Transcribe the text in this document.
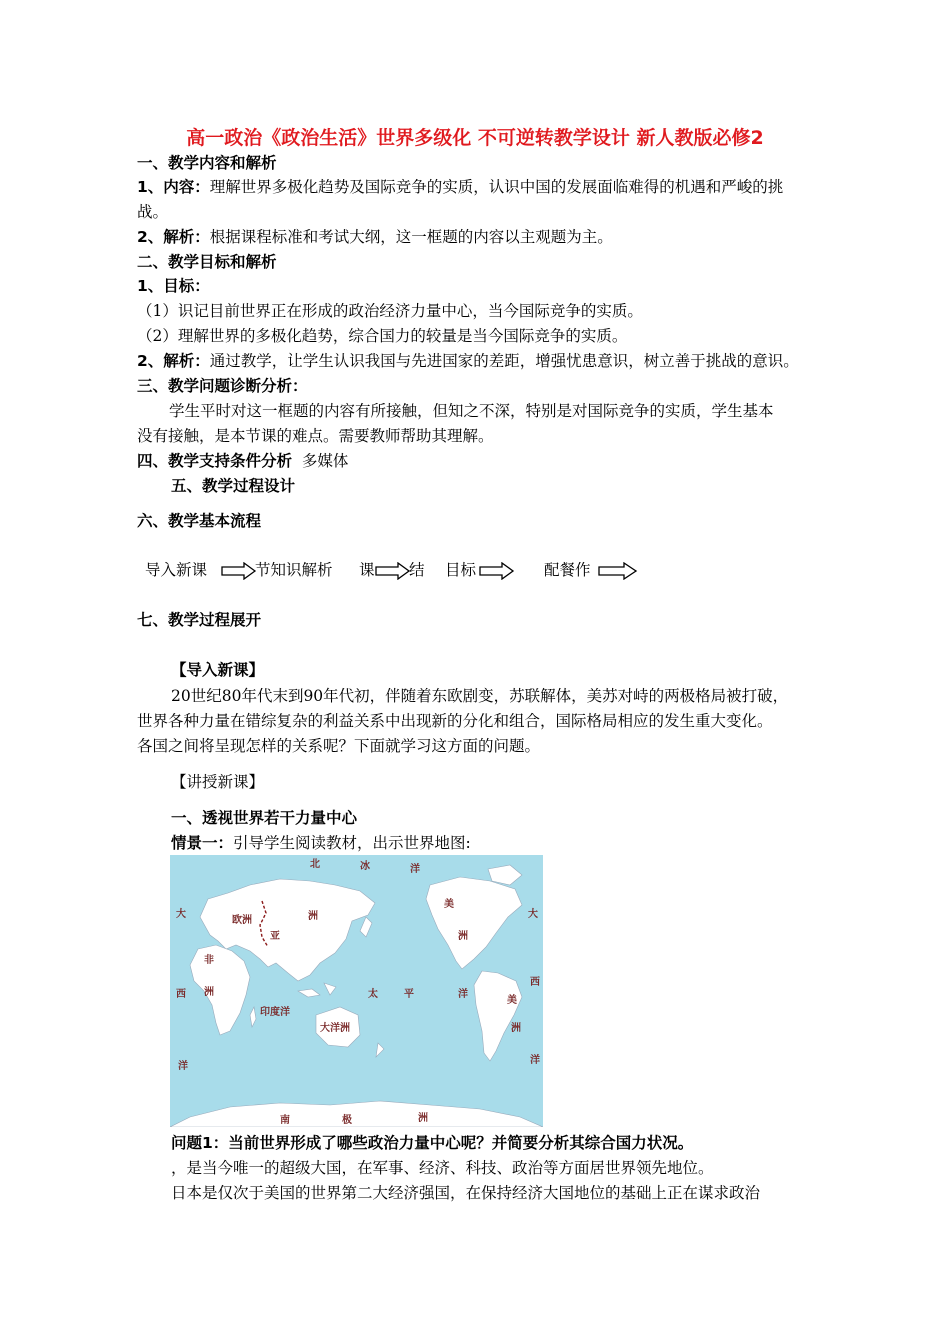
高一政治《政治生活》世界多级化 不可逆转教学设计 新人教版必修2
一、教学内容和解析
1、内容：理解世界多极化趋势及国际竞争的实质，认识中国的发展面临难得的机遇和严峻的挑
战。
2、解析：根据课程标准和考试大纲，这一框题的内容以主观题为主。
二、教学目标和解析
1、目标：
（1）识记目前世界正在形成的政治经济力量中心，当今国际竞争的实质。
（2）理解世界的多极化趋势，综合国力的较量是当今国际竞争的实质。
2、解析：通过教学，让学生认识我国与先进国家的差距，增强忧患意识，树立善于挑战的意识。
三、教学问题诊断分析：
学生平时对这一框题的内容有所接触，但知之不深，特别是对国际竞争的实质，学生基本
没有接触，是本节课的难点。需要教师帮助其理解。
四、教学支持条件分析 多媒体
五、教学过程设计
六、教学基本流程
导入新课	节知识解析 课 结 目标	配餐作
七、教学过程展开
【导入新课】
20世纪80年代末到90年代初，伴随着东欧剧变，苏联解体，美苏对峙的两极格局被打破，
世界各种力量在错综复杂的利益关系中出现新的分化和组合，国际格局相应的发生重大变化。
各国之间将呈现怎样的关系呢？下面就学习这方面的问题。
【讲授新课】
一、透视世界若干力量中心
情景一：引导学生阅读教材，出示世界地图:
北	冰	洋
欧洲	洲
亚
非
洲
美
洲
美
洲
太	平	洋
印度洋
大洋洲
大
西
洋
大
西
洋
南	极	洲
问题1：当前世界形成了哪些政治力量中心呢？并简要分析其综合国力状况。
，是当今唯一的超级大国，在军事、经济、科技、政治等方面居世界领先地位。
日本是仅次于美国的世界第二大经济强国，在保持经济大国地位的基础上正在谋求政治
